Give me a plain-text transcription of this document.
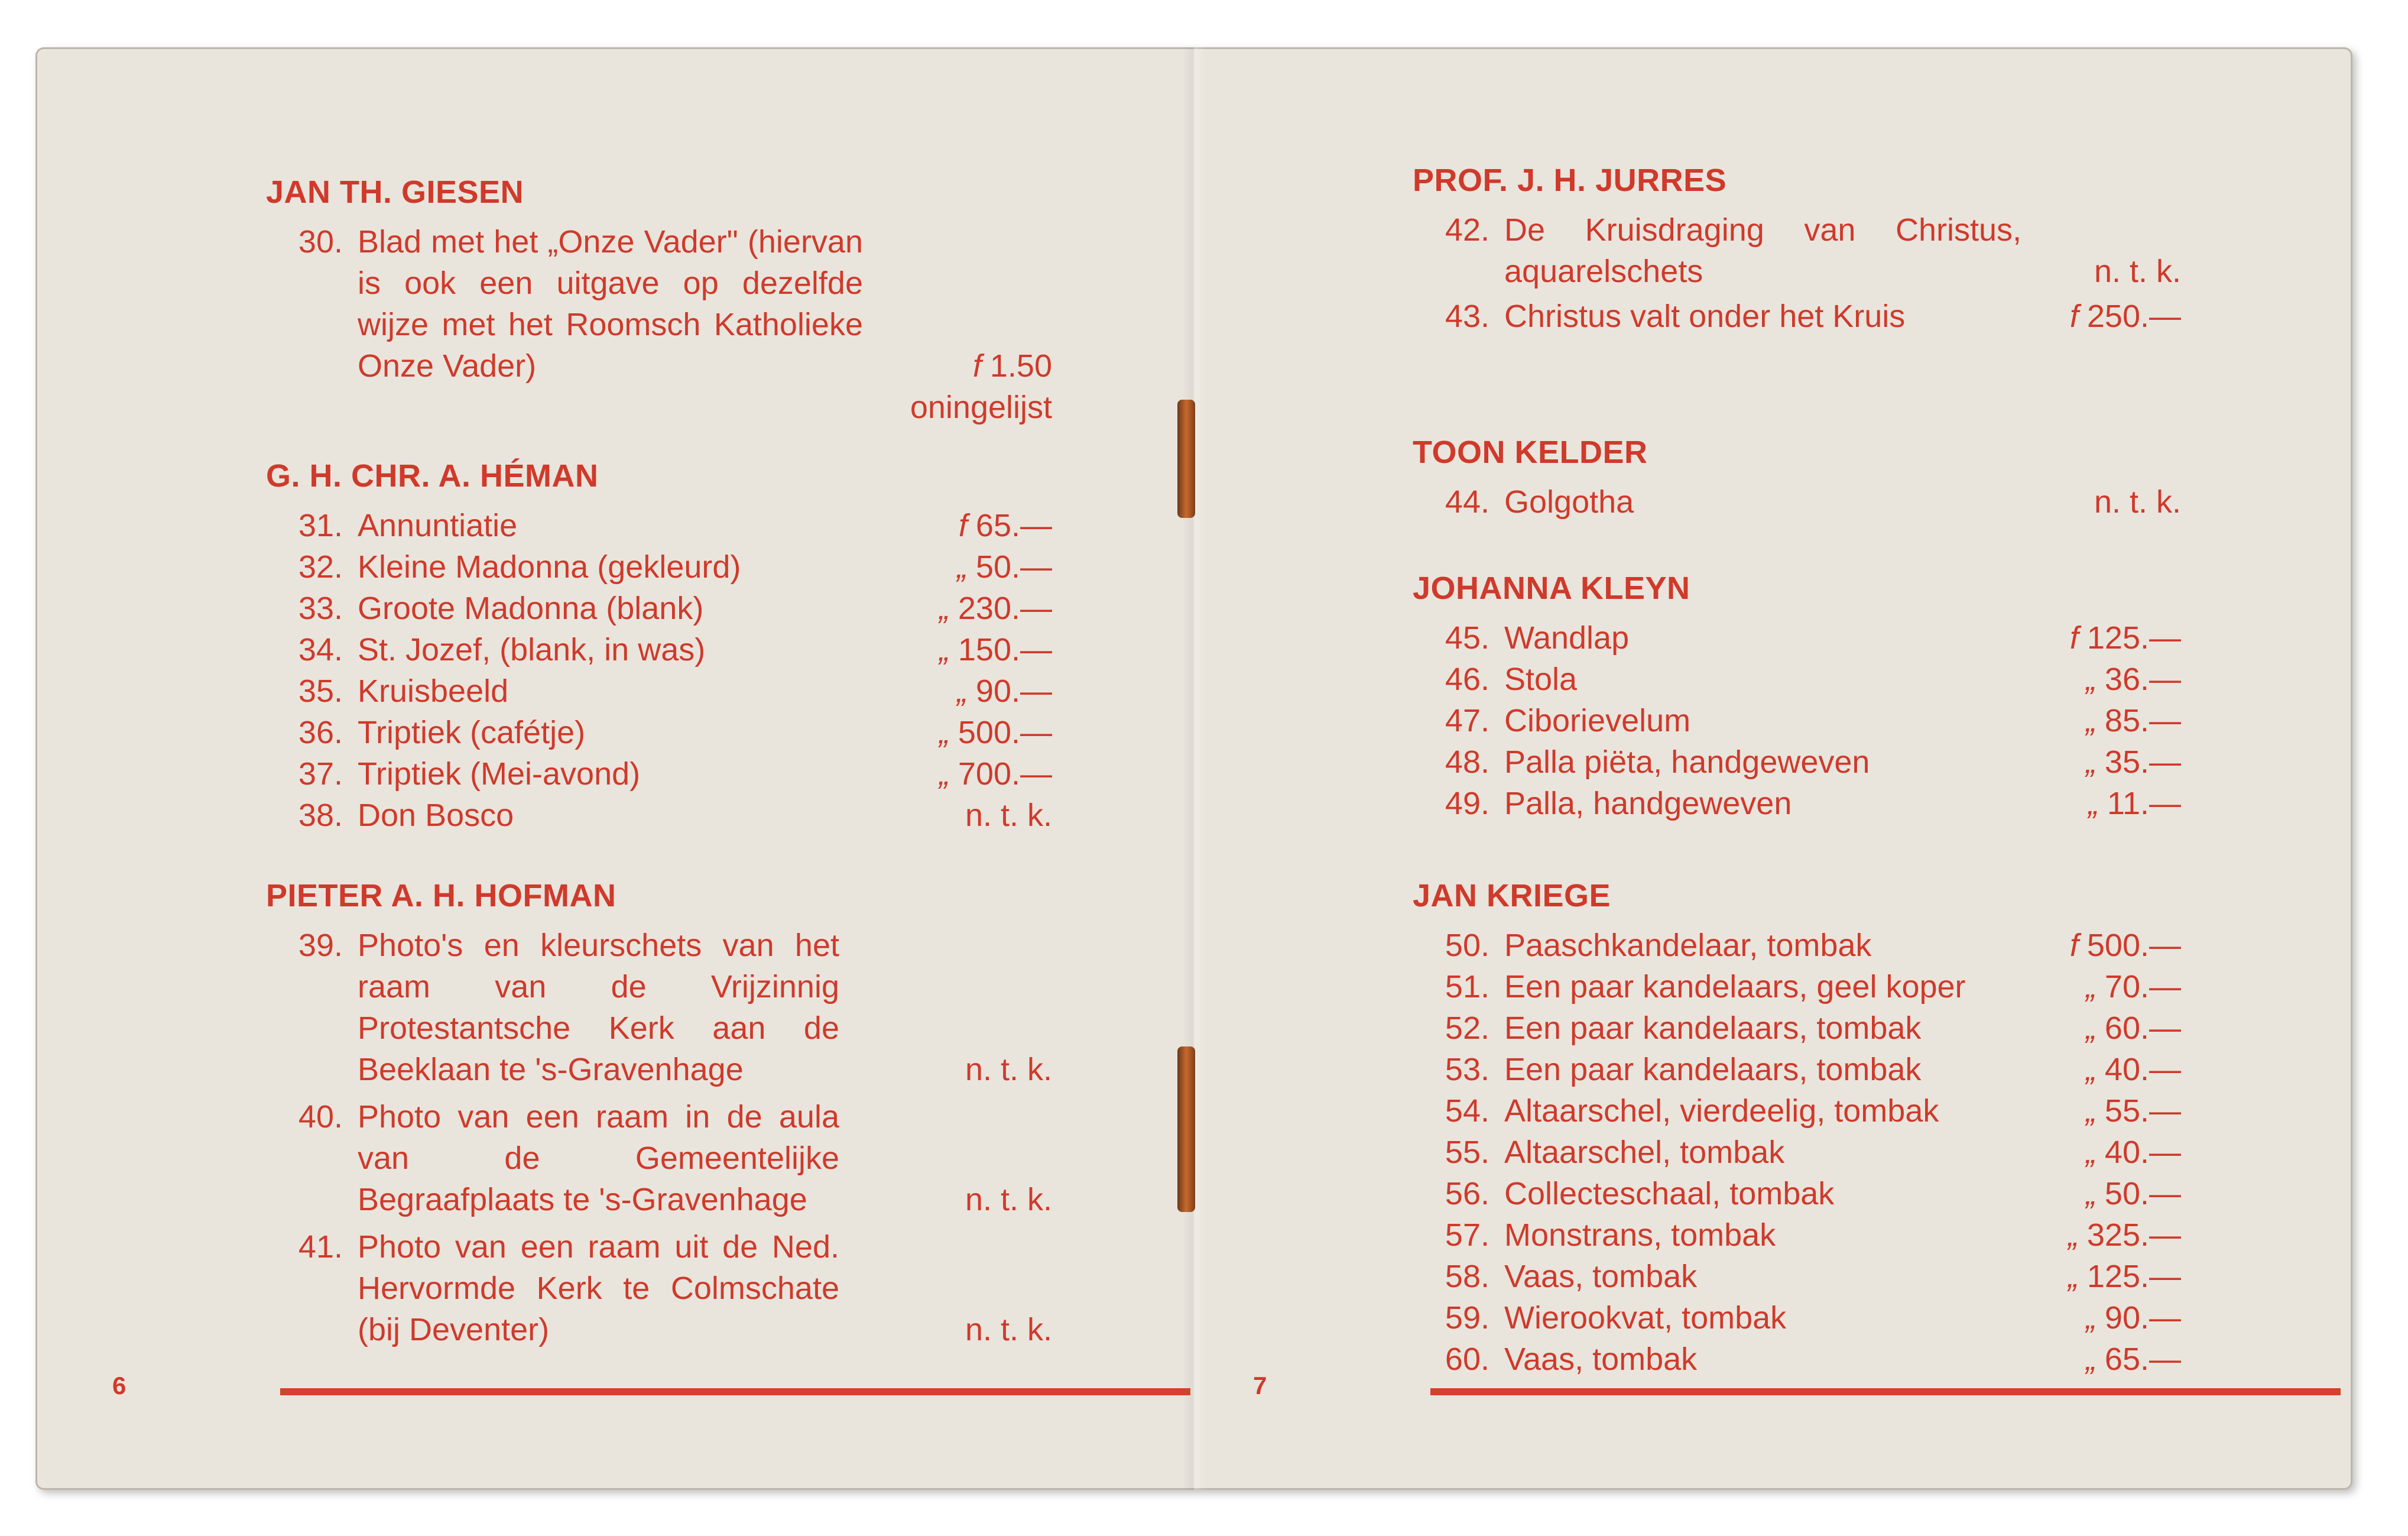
JAN TH. GIESEN
30. Blad met het „Onze Vader" (hiervan is ook een uitgave op dezelfde wijze met het Roomsch Katholieke Onze Vader)	f 1.50
oningelijst
G. H. CHR. A. HÉMAN
31. Annuntiatie	f 65.—
32. Kleine Madonna (gekleurd)	„ 50.—
33. Groote Madonna (blank)	„ 230.—
34. St. Jozef, (blank, in was)	„ 150.—
35. Kruisbeeld	„ 90.—
36. Triptiek (cafétje)	„ 500.—
37. Triptiek (Mei-avond)	„ 700.—
38. Don Bosco	n. t. k.
PIETER A. H. HOFMAN
39. Photo's en kleurschets van het raam van de Vrijzinnig Protestantsche Kerk aan de Beeklaan te 's-Gravenhage	n. t. k.
40. Photo van een raam in de aula van de Gemeentelijke Begraafplaats te 's-Gravenhage	n. t. k.
41. Photo van een raam uit de Ned. Hervormde Kerk te Colmschate (bij Deventer)	n. t. k.
6
PROF. J. H. JURRES
42. De Kruisdraging van Christus, aquarelschets	n. t. k.
43. Christus valt onder het Kruis	f 250.—
TOON KELDER
44. Golgotha	n. t. k.
JOHANNA KLEYN
45. Wandlap	f 125.—
46. Stola	„ 36.—
47. Ciborievelum	„ 85.—
48. Palla piëta, handgeweven	„ 35.—
49. Palla, handgeweven	„ 11.—
JAN KRIEGE
50. Paaschkandelaar, tombak	f 500.—
51. Een paar kandelaars, geel koper	„ 70.—
52. Een paar kandelaars, tombak	„ 60.—
53. Een paar kandelaars, tombak	„ 40.—
54. Altaarschel, vierdeelig, tombak	„ 55.—
55. Altaarschel, tombak	„ 40.—
56. Collecteschaal, tombak	„ 50.—
57. Monstrans, tombak	„ 325.—
58. Vaas, tombak	„ 125.—
59. Wierookvat, tombak	„ 90.—
60. Vaas, tombak	„ 65.—
7
